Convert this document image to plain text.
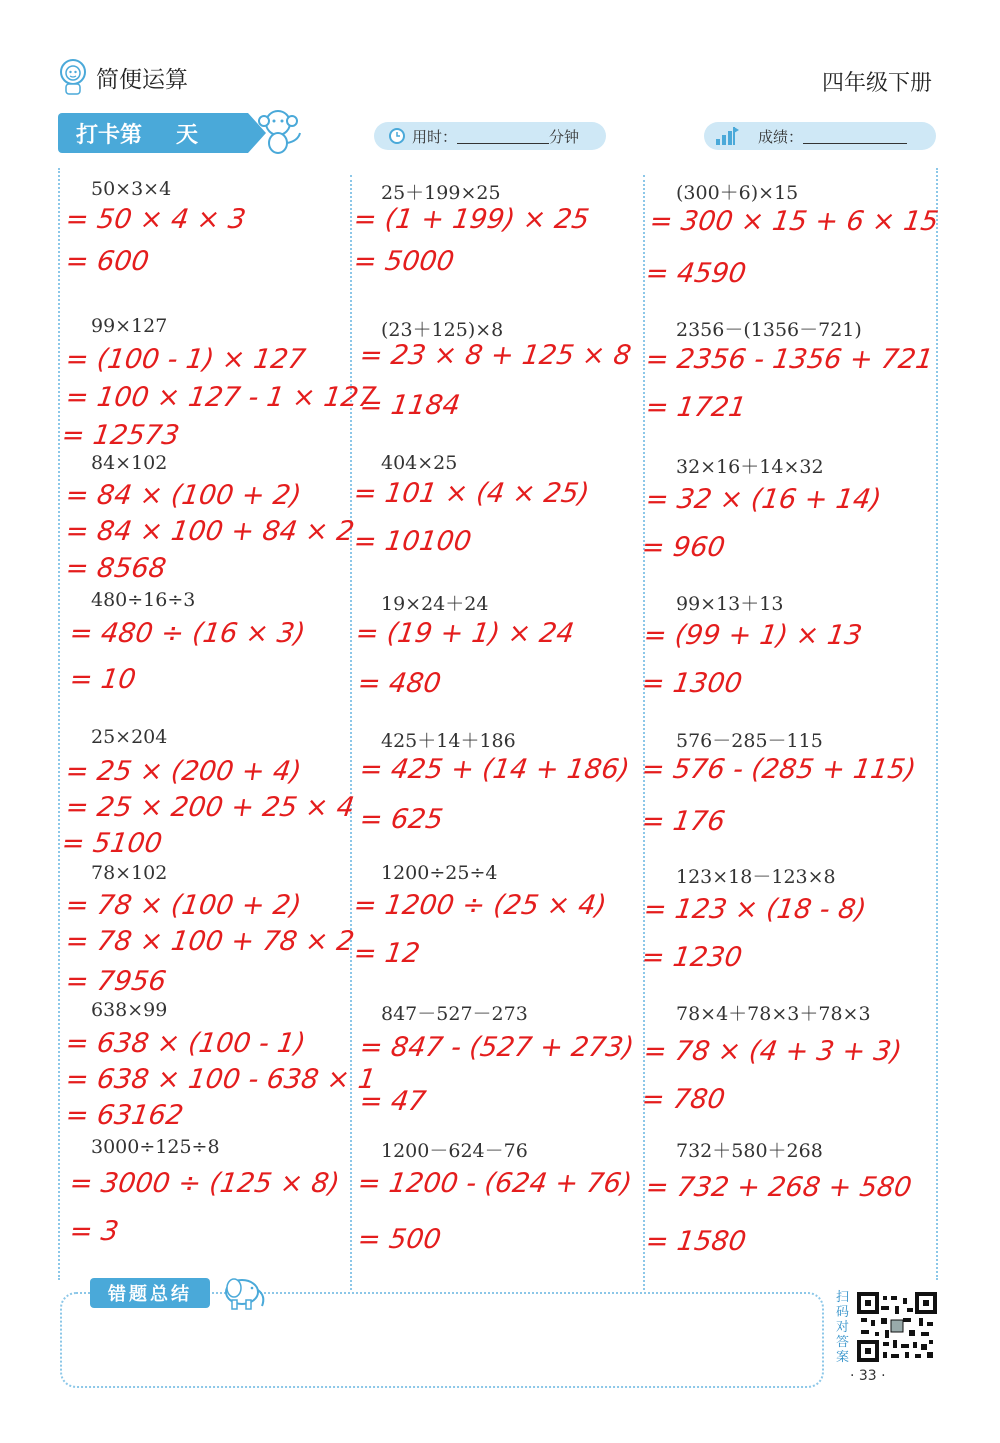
简便运算	四年级下册
打卡第 天	用时：	分钟	成绩：
50×3×4
= 50 × 4 × 3
= 600
99×127
= (100 - 1) × 127
= 100 × 127 - 1 × 127
= 12573
84×102
= 84 × (100 + 2)
= 84 × 100 + 84 × 2
= 8568
480÷16÷3
= 480 ÷ (16 × 3)
= 10
25×204
= 25 × (200 + 4)
= 25 × 200 + 25 × 4
= 5100
78×102
= 78 × (100 + 2)
= 78 × 100 + 78 × 2
= 7956
638×99
= 638 × (100 - 1)
= 638 × 100 - 638 × 1
= 63162
3000÷125÷8
= 3000 ÷ (125 × 8)
= 3
25＋199×25
= (1 + 199) × 25
= 5000
(23＋125)×8
= 23 × 8 + 125 × 8
= 1184
404×25
= 101 × (4 × 25)
= 10100
19×24＋24
= (19 + 1) × 24
= 480
425＋14＋186
= 425 + (14 + 186)
= 625
1200÷25÷4
= 1200 ÷ (25 × 4)
= 12
847－527－273
= 847 - (527 + 273)
= 47
1200－624－76
= 1200 - (624 + 76)
= 500
(300＋6)×15
= 300 × 15 + 6 × 15
= 4590
2356－(1356－721)
= 2356 - 1356 + 721
= 1721
32×16＋14×32
= 32 × (16 + 14)
= 960
99×13＋13
= (99 + 1) × 13
= 1300
576－285－115
= 576 - (285 + 115)
= 176
123×18－123×8
= 123 × (18 - 8)
= 1230
78×4＋78×3＋78×3
= 78 × (4 + 3 + 3)
= 780
732＋580＋268
= 732 + 268 + 580
= 1580
错题总结	扫码对答案
· 33 ·
